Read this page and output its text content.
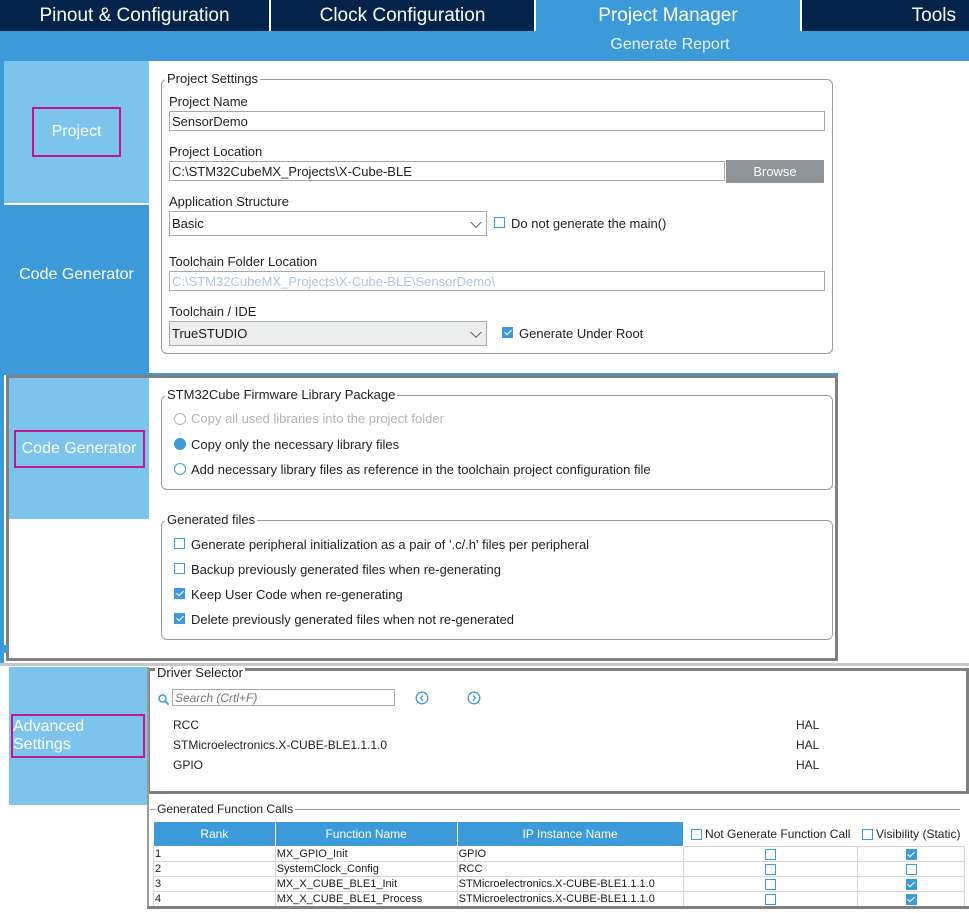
Pinout & Configuration	Clock Configuration	Project Manager	Tools
Generate Report
Project
Code Generator
Project Settings
Project Name
SensorDemo
Project Location
C:\STM32CubeMX_Projects\X-Cube-BLE	Browse
Application Structure
Basic	Do not generate the main()
Toolchain Folder Location
C:\STM32CubeMX_Projects\X-Cube-BLE\SensorDemo\
Toolchain / IDE
TrueSTUDIO	Generate Under Root
Code Generator
STM32Cube Firmware Library Package
Copy all used libraries into the project folder
Copy only the necessary library files
Add necessary library files as reference in the toolchain project configuration file
Generated files
Generate peripheral initialization as a pair of '.c/.h' files per peripheral
Backup previously generated files when re-generating
Keep User Code when re-generating
Delete previously generated files when not re-generated
Advanced Settings
Driver Selector
Search (Crtl+F)
RCC	HAL
STMicroelectronics.X-CUBE-BLE1.1.1.0	HAL
GPIO	HAL
Generated Function Calls
Rank	Function Name	IP Instance Name	Not Generate Function Call	Visibility (Static)
1	MX_GPIO_Init	GPIO		
2	SystemClock_Config	RCC		
3	MX_X_CUBE_BLE1_Init	STMicroelectronics.X-CUBE-BLE1.1.1.0		
4	MX_X_CUBE_BLE1_Process	STMicroelectronics.X-CUBE-BLE1.1.1.0		
